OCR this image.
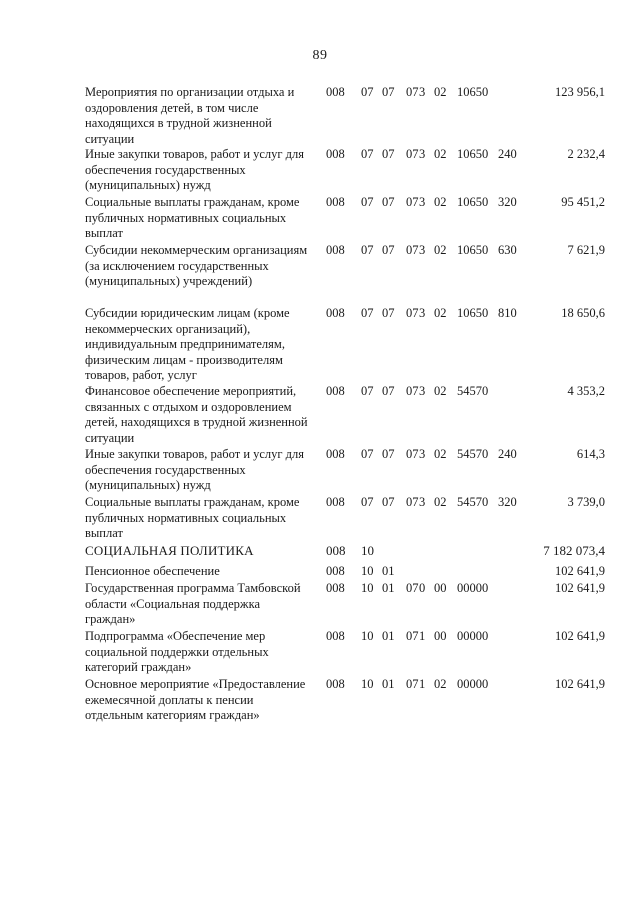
89
Мероприятия по организации отдыха и оздоровления детей, в том числе находящихся в трудной жизненной ситуации
008 07 07 07 3 02 10650	123 956,1
Иные закупки товаров, работ и услуг для обеспечения государственных (муниципальных) нужд
008 07 07 07 3 02 10650 240	2 232,4
Социальные выплаты гражданам, кроме публичных нормативных социальных выплат
008 07 07 07 3 02 10650 320	95 451,2
Субсидии некоммерческим организациям (за исключением государственных (муниципальных) учреждений)
008 07 07 07 3 02 10650 630	7 621,9
Субсидии юридическим лицам (кроме некоммерческих организаций), индивидуальным предпринимателям, физическим лицам - производителям товаров, работ, услуг
008 07 07 07 3 02 10650 810	18 650,6
Финансовое обеспечение мероприятий, связанных с отдыхом и оздоровлением детей, находящихся в трудной жизненной ситуации
008 07 07 07 3 02 54570	4 353,2
Иные закупки товаров, работ и услуг для обеспечения государственных (муниципальных) нужд
008 07 07 07 3 02 54570 240	614,3
Социальные выплаты гражданам, кроме публичных нормативных социальных выплат
008 07 07 07 3 02 54570 320	3 739,0
СОЦИАЛЬНАЯ ПОЛИТИКА	008 10	7 182 073,4
Пенсионное обеспечение	008 10 01	102 641,9
Государственная программа Тамбовской области «Социальная поддержка граждан»
008 10 01 07 0 00 00000	102 641,9
Подпрограмма «Обеспечение мер социальной поддержки отдельных категорий граждан»
008 10 01 07 1 00 00000	102 641,9
Основное мероприятие «Предоставление ежемесячной доплаты к пенсии отдельным категориям граждан»
008 10 01 07 1 02 00000	102 641,9
